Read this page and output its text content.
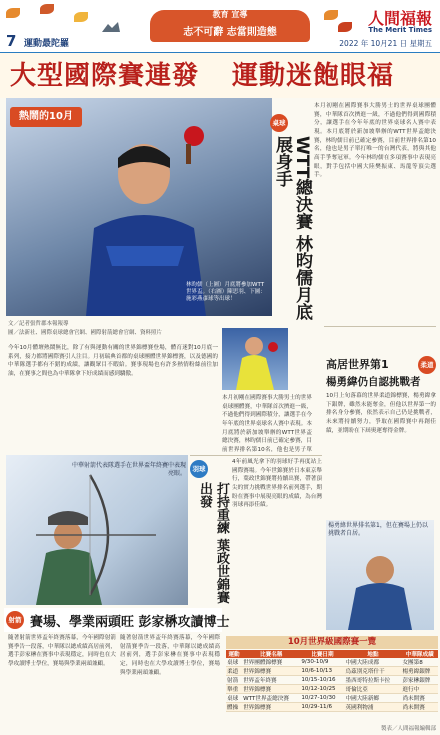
7 運動最陀羅
教育 宣導
志不可辭 志當則造態
人間福報
The Merit Times
2022 年 10月21 日 星期五
大型國際賽連發 運動迷飽眼福
熱鬧的10月
林昀儒（上圖）月底將參加WTT世界盃。（右圖）陳思羽、下圖：施彩燕彥球等出球！
桌球
WTT總決賽 林昀儒月底展身手
本月初剛在國際賽事大勝男士的世界桌球團體賽，中華隊首次擠進一級，不過他們得到國際積分，讓選手在今年年底的世界桌球名人賽中表現。本月底將於新加坡舉辦的WTT世界盃總決賽，林昀儒日前已確定參賽，目前世界排名第10名，他也是男子單打唯一的台灣代表，將與其他高手爭奪冠軍。今年林昀儒在多項賽事中表現亮眼，對手包括中國大陸樊振東、馬龍等頂尖選手。
文／記者張哲郡本報報導
圖／法新社、國際桌球總會官網、國際射箭總會官網、資料照片
今年10月體壇熱鬧無比，除了有與運動有關的世界錦標賽登場，體育迷對10月底一系列，接力都將國際賽引人注目。月初瑞典首都的桌球團體世界錦標賽，以及德國的中華隊選手都有不錯的成績，讓觀眾目不暇給。賽事現場也有許多熱情粉絲前往加油，在賽事之間也為中華隊拿下好成績而感到驕傲。
本月初剛在國際賽事大勝男士的世界桌球團體賽，中華隊首次擠進一級，不過他們得到國際積分，讓選手在今年年底的世界桌球名人賽中表現。本月底將於新加坡舉辦的WTT世界盃總決賽，林昀儒日前已確定參賽，目前世界排名第10名，他也是男子單
羽球
打持重練 葉政世錦賽出發
4年前風光拿下的羽球好手再度站上國際賽場。今年世錦賽於日本東京舉行，葉政世錦賽將持續出賽，帶著頂尖的實力挑戰世界排名前列選手，期盼在賽事中展現亮眼的成績，為台灣羽球再添佳績。
高居世界第1	柔道
楊勇緯仍自認挑戰者
10月上旬落幕的世界柔道錦標賽，楊勇緯拿下銀牌，雖然未能奪金，但他以世界第一的排名身分參賽，依然表示自己仍是挑戰者，未來將持續努力，爭取在國際賽中再創佳績，並期盼在下屆奧運奪得金牌。
楊勇緯世界排名第1，但在賽場上仍以挑戰者自居。
中華射箭代表隊選手在世界盃年終賽中表現亮眼。
射箭 賽場、學業兩頭旺 彭家楙攻讀博士
隨著射箭世界盃年終賽落幕，今年國際射箭賽季告一段落，中華隊以總成績高居前列，選手彭家楙在賽事中表現穩定，同時也在大學攻讀博士學位，賽場與學業兩頭兼顧。
隨著射箭世界盃年終賽落幕，今年國際射箭賽季告一段落，中華隊以總成績高居前列，選手彭家楙在賽事中表現穩定，同時也在大學攻讀博士學位，賽場與學業兩頭兼顧。
10月世界級國際賽一覽
運動	比賽名稱	比賽日期	地點	中華隊成績
桌球	世界團體錦標賽	9/30-10/9	中國大陸成都	女團第8
柔道	世界錦標賽	10/6-10/13	烏茲別克塔什干	楊勇緯銀牌
射箭	世界盃年終賽	10/15-10/16	墨西哥特拉斯卡拉	彭家楙銀牌
舉重	世界錦標賽	10/12-10/25	哥倫比亞	進行中
桌球	WTT世界盃總決賽	10/27-10/30	中國大陸新鄉	尚未開賽
體操	世界錦標賽	10/29-11/6	英國利物浦	尚未開賽
製表／人間福報編輯部
